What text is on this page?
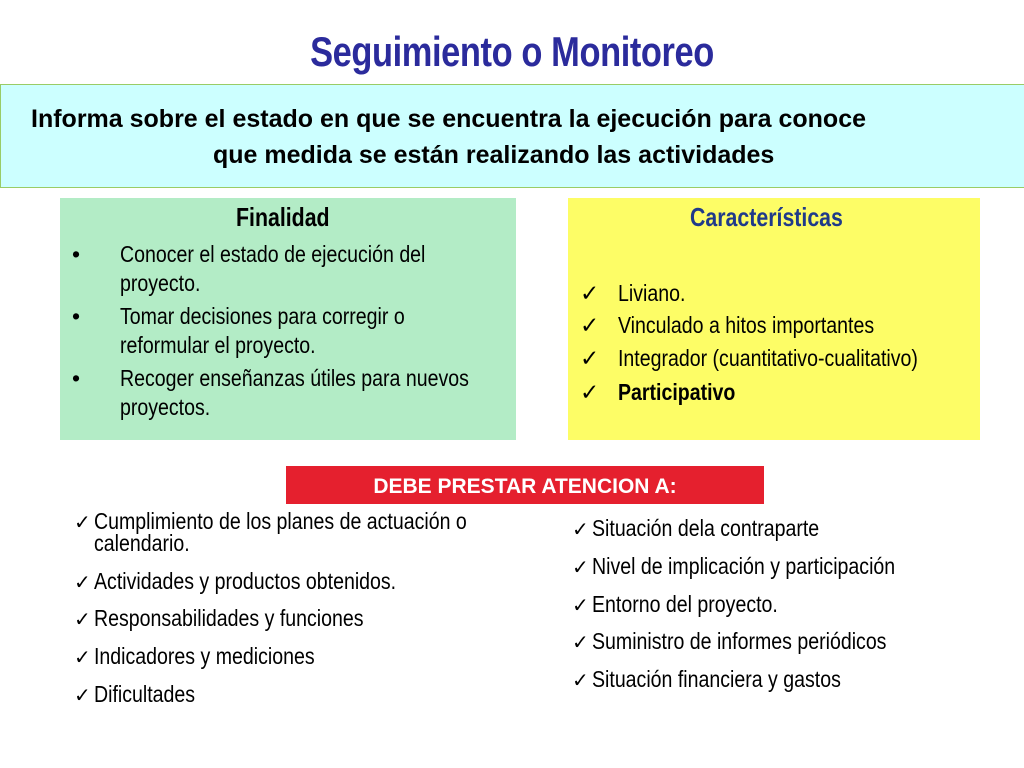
Seguimiento o Monitoreo
Informa sobre el estado en que se encuentra la ejecución para conoce
que medida se están realizando las actividades
Finalidad
• Conocer el estado de ejecución del
proyecto.
• Tomar decisiones para corregir o
reformular el proyecto.
• Recoger enseñanzas útiles para nuevos
proyectos.
Características
✓ Liviano.
✓ Vinculado a hitos importantes
✓ Integrador (cuantitativo-cualitativo)
✓ Participativo
DEBE PRESTAR ATENCION A:
✓ Cumplimiento de los planes de actuación o
calendario.
✓ Actividades y productos obtenidos.
✓ Responsabilidades y funciones
✓ Indicadores y mediciones
✓ Dificultades
✓ Situación dela contraparte
✓ Nivel de implicación y participación
✓ Entorno del proyecto.
✓ Suministro de informes periódicos
✓ Situación financiera y gastos
